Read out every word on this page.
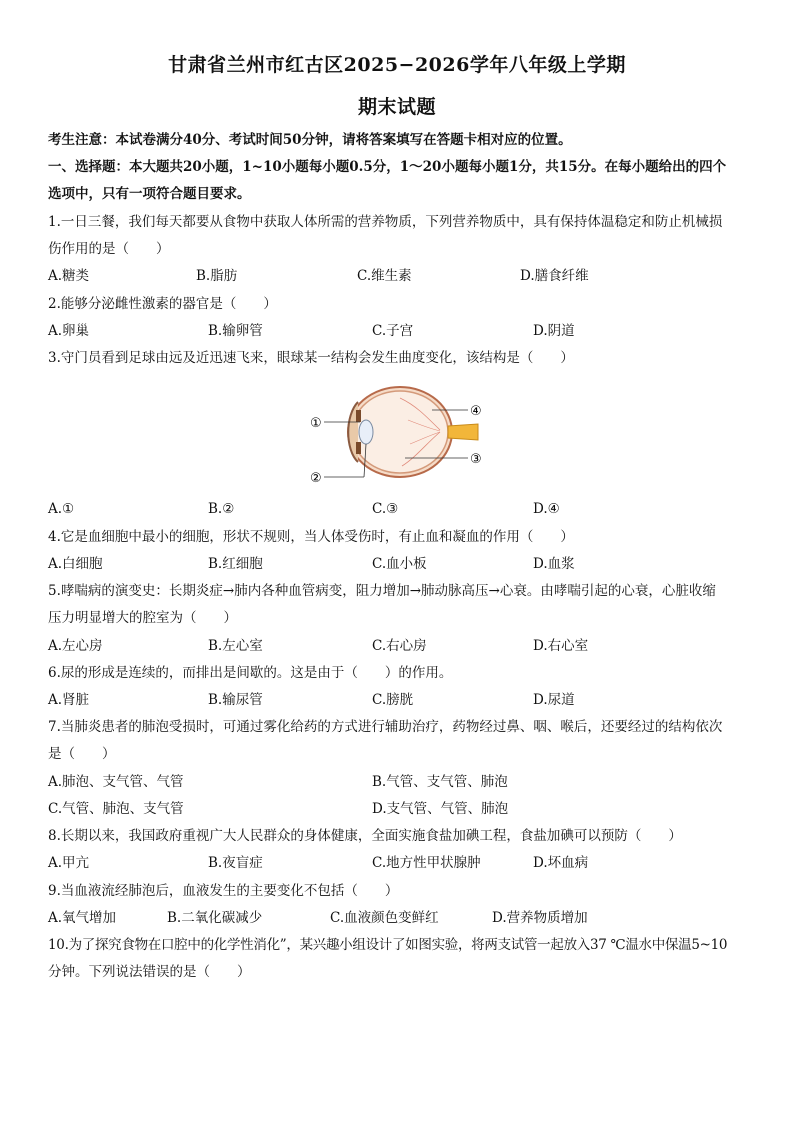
甘肃省兰州市红古区2025−2026学年八年级上学期
期末试题
考生注意：本试卷满分40分、考试时间50分钟，请将答案填写在答题卡相对应的位置。
一、选择题：本大题共20小题，1~10小题每小题0.5分，1～20小题每小题1分，共15分。在每小题给出的四个
选项中，只有一项符合题目要求。
1.一日三餐，我们每天都要从食物中获取人体所需的营养物质，下列营养物质中，具有保持体温稳定和防止机械损
伤作用的是（　　）
A.糖类	B.脂肪	C.维生素	D.膳食纤维
2.能够分泌雌性激素的器官是（　　）
A.卵巢	B.输卵管	C.子宫	D.阴道
3.守门员看到足球由远及近迅速飞来，眼球某一结构会发生曲度变化，该结构是（　　）
①
②
③
④
A.①	B.②	C.③	D.④
4.它是血细胞中最小的细胞，形状不规则，当人体受伤时，有止血和凝血的作用（　　）
A.白细胞	B.红细胞	C.血小板	D.血浆
5.哮喘病的演变史：长期炎症→肺内各种血管病变，阻力增加→肺动脉高压→心衰。由哮喘引起的心衰，心脏收缩
压力明显增大的腔室为（　　）
A.左心房	B.左心室	C.右心房	D.右心室
6.尿的形成是连续的，而排出是间歇的。这是由于（　　）的作用。
A.肾脏	B.输尿管	C.膀胱	D.尿道
7.当肺炎患者的肺泡受损时，可通过雾化给药的方式进行辅助治疗，药物经过鼻、咽、喉后，还要经过的结构依次
是（　　）
A.肺泡、支气管、气管	B.气管、支气管、肺泡
C.气管、肺泡、支气管	D.支气管、气管、肺泡
8.长期以来，我国政府重视广大人民群众的身体健康，全面实施食盐加碘工程，食盐加碘可以预防（　　）
A.甲亢	B.夜盲症	C.地方性甲状腺肿	D.坏血病
9.当血液流经肺泡后，血液发生的主要变化不包括（　　）
A.氧气增加	B.二氧化碳减少	C.血液颜色变鲜红	D.营养物质增加
10.为了探究食物在口腔中的化学性消化”，某兴趣小组设计了如图实验，将两支试管一起放入37 ℃温水中保温5~10
分钟。下列说法错误的是（　　）
